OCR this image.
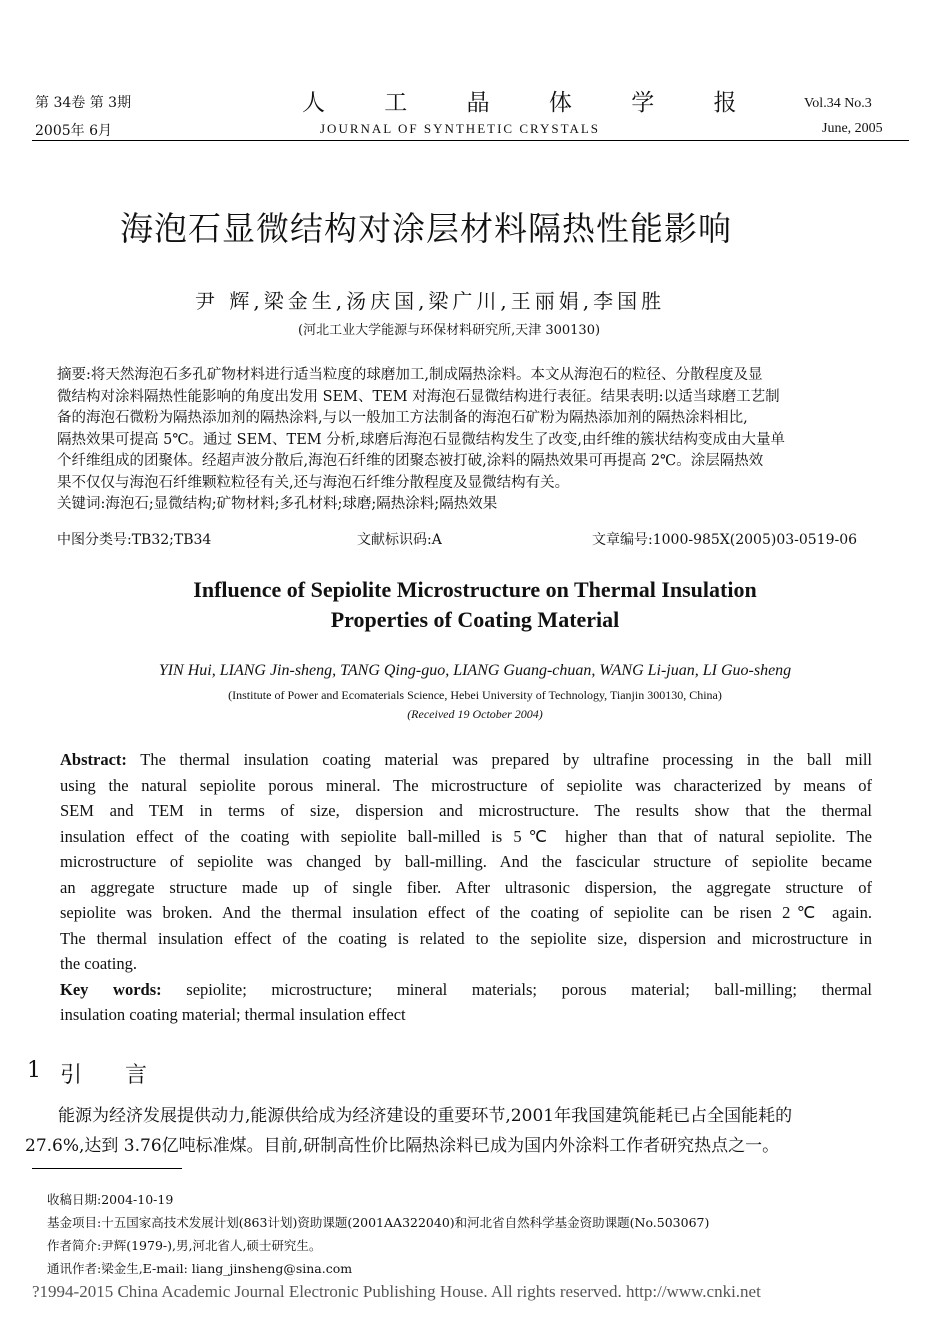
第 34卷 第 3期	人 工 晶 体 学 报	Vol.34 No.3
2005年 6月	JOURNAL OF SYNTHETIC CRYSTALS	June, 2005
海泡石显微结构对涂层材料隔热性能影响
尹 辉,梁金生,汤庆国,梁广川,王丽娟,李国胜
(河北工业大学能源与环保材料研究所,天津 300130)
摘要:将天然海泡石多孔矿物材料进行适当粒度的球磨加工,制成隔热涂料。本文从海泡石的粒径、分散程度及显
微结构对涂料隔热性能影响的角度出发用 SEM、TEM 对海泡石显微结构进行表征。结果表明:以适当球磨工艺制
备的海泡石微粉为隔热添加剂的隔热涂料,与以一般加工方法制备的海泡石矿粉为隔热添加剂的隔热涂料相比,
隔热效果可提高 5℃。通过 SEM、TEM 分析,球磨后海泡石显微结构发生了改变,由纤维的簇状结构变成由大量单
个纤维组成的团聚体。经超声波分散后,海泡石纤维的团聚态被打破,涂料的隔热效果可再提高 2℃。涂层隔热效
果不仅仅与海泡石纤维颗粒粒径有关,还与海泡石纤维分散程度及显微结构有关。
关键词:海泡石;显微结构;矿物材料;多孔材料;球磨;隔热涂料;隔热效果
中图分类号:TB32;TB34	文献标识码:A	文章编号:1000-985X(2005)03-0519-06
Influence of Sepiolite Microstructure on Thermal Insulation
Properties of Coating Material
YIN Hui, LIANG Jin-sheng, TANG Qing-guo, LIANG Guang-chuan, WANG Li-juan, LI Guo-sheng
(Institute of Power and Ecomaterials Science, Hebei University of Technology, Tianjin 300130, China)
(Received 19 October 2004)
Abstract: The thermal insulation coating material was prepared by ultrafine processing in the ball mill
using the natural sepiolite porous mineral. The microstructure of sepiolite was characterized by means of
SEM and TEM in terms of size, dispersion and microstructure. The results show that the thermal
insulation effect of the coating with sepiolite ball-milled is 5℃ higher than that of natural sepiolite. The
microstructure of sepiolite was changed by ball-milling. And the fascicular structure of sepiolite became
an aggregate structure made up of single fiber. After ultrasonic dispersion, the aggregate structure of
sepiolite was broken. And the thermal insulation effect of the coating of sepiolite can be risen 2℃ again.
The thermal insulation effect of the coating is related to the sepiolite size, dispersion and microstructure in
the coating.
Key words: sepiolite; microstructure; mineral materials; porous material; ball-milling; thermal
insulation coating material; thermal insulation effect
1 引 言
能源为经济发展提供动力,能源供给成为经济建设的重要环节,2001年我国建筑能耗已占全国能耗的
27.6%,达到 3.76亿吨标准煤。目前,研制高性价比隔热涂料已成为国内外涂料工作者研究热点之一。
收稿日期:2004-10-19
基金项目:十五国家高技术发展计划(863计划)资助课题(2001AA322040)和河北省自然科学基金资助课题(No.503067)
作者简介:尹辉(1979-),男,河北省人,硕士研究生。
通讯作者:梁金生,E-mail: liang_jinsheng@sina.com
?1994-2015 China Academic Journal Electronic Publishing House. All rights reserved. http://www.cnki.net
